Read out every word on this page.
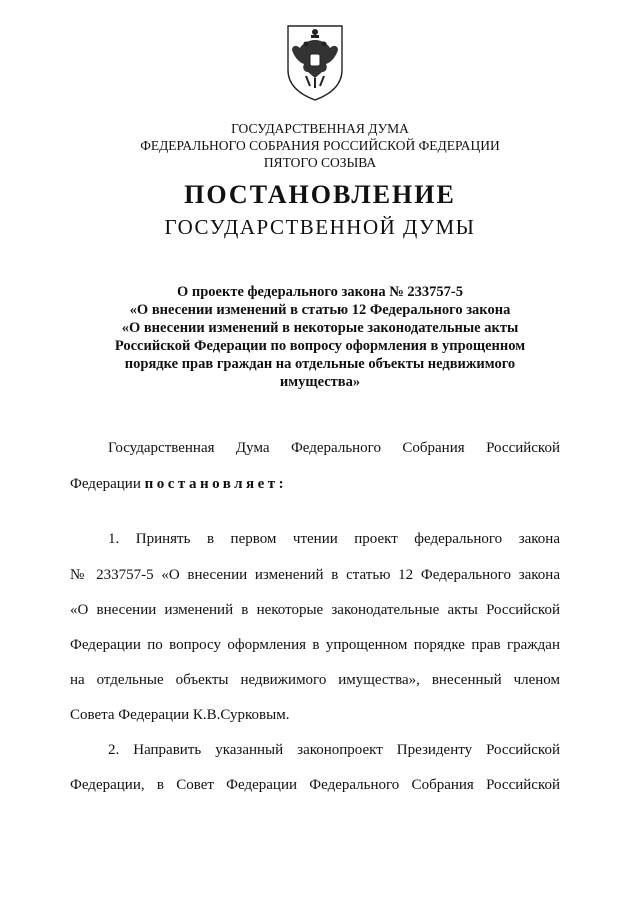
ГОСУДАРСТВЕННАЯ ДУМА
ФЕДЕРАЛЬНОГО СОБРАНИЯ РОССИЙСКОЙ ФЕДЕРАЦИИ
ПЯТОГО СОЗЫВА
ПОСТАНОВЛЕНИЕ
ГОСУДАРСТВЕННОЙ ДУМЫ
О проекте федерального закона № 233757-5
«О внесении изменений в статью 12 Федерального закона
«О внесении изменений в некоторые законодательные акты
Российской Федерации по вопросу оформления в упрощенном
порядке прав граждан на отдельные объекты недвижимого
имущества»
Государственная Дума Федерального Собрания Российской
Федерации постановляет:
1. Принять в первом чтении проект федерального закона
№ 233757-5 «О внесении изменений в статью 12 Федерального закона
«О внесении изменений в некоторые законодательные акты Российской
Федерации по вопросу оформления в упрощенном порядке прав граждан
на отдельные объекты недвижимого имущества», внесенный членом
Совета Федерации К.В.Сурковым.
2. Направить указанный законопроект Президенту Российской
Федерации, в Совет Федерации Федерального Собрания Российской
